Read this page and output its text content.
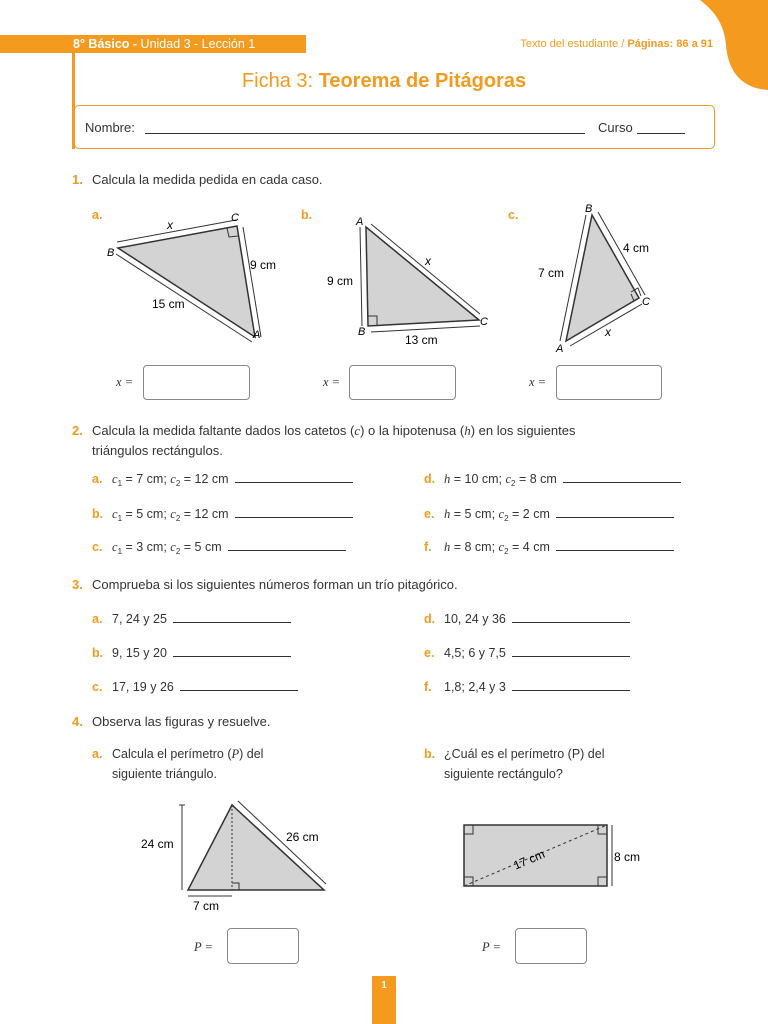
8° Básico - Unidad 3 - Lección 1	Texto del estudiante / Páginas: 86 a 91
Ficha 3: Teorema de Pitágoras
Nombre:	Curso
1. Calcula la medida pedida en cada caso.
a.	b.	c.
x
9 cm
15 cm
B
C
A
x
9 cm
13 cm
A
B
C
4 cm
7 cm
x
B
C
A
x =	x =	x =
2. Calcula la medida faltante dados los catetos (c) o la hipotenusa (h) en los siguientes
triángulos rectángulos.
a. $c_1 = 7$ cm; $c_2 = 12$ cm
b. $c_1 = 5$ cm; $c_2 = 12$ cm
c. $c_1 = 3$ cm; $c_2 = 5$ cm
d. h = 10 cm; $c_2 = 8$ cm
e. h = 5 cm; $c_2 = 2$ cm
f. h = 8 cm; $c_2 = 4$ cm
3. Comprueba si los siguientes números forman un trío pitagórico.
a. 7, 24 y 25
b. 9, 15 y 20
c. 17, 19 y 26
d. 10, 24 y 36
e. 4,5; 6 y 7,5
f. 1,8; 2,4 y 3
4. Observa las figuras y resuelve.
a. Calcula el perímetro (P) del
siguiente triángulo.
b. ¿Cuál es el perímetro (P) del
siguiente rectángulo?
24 cm	26 cm
7 cm
17 cm	8 cm
P =	P =
1
